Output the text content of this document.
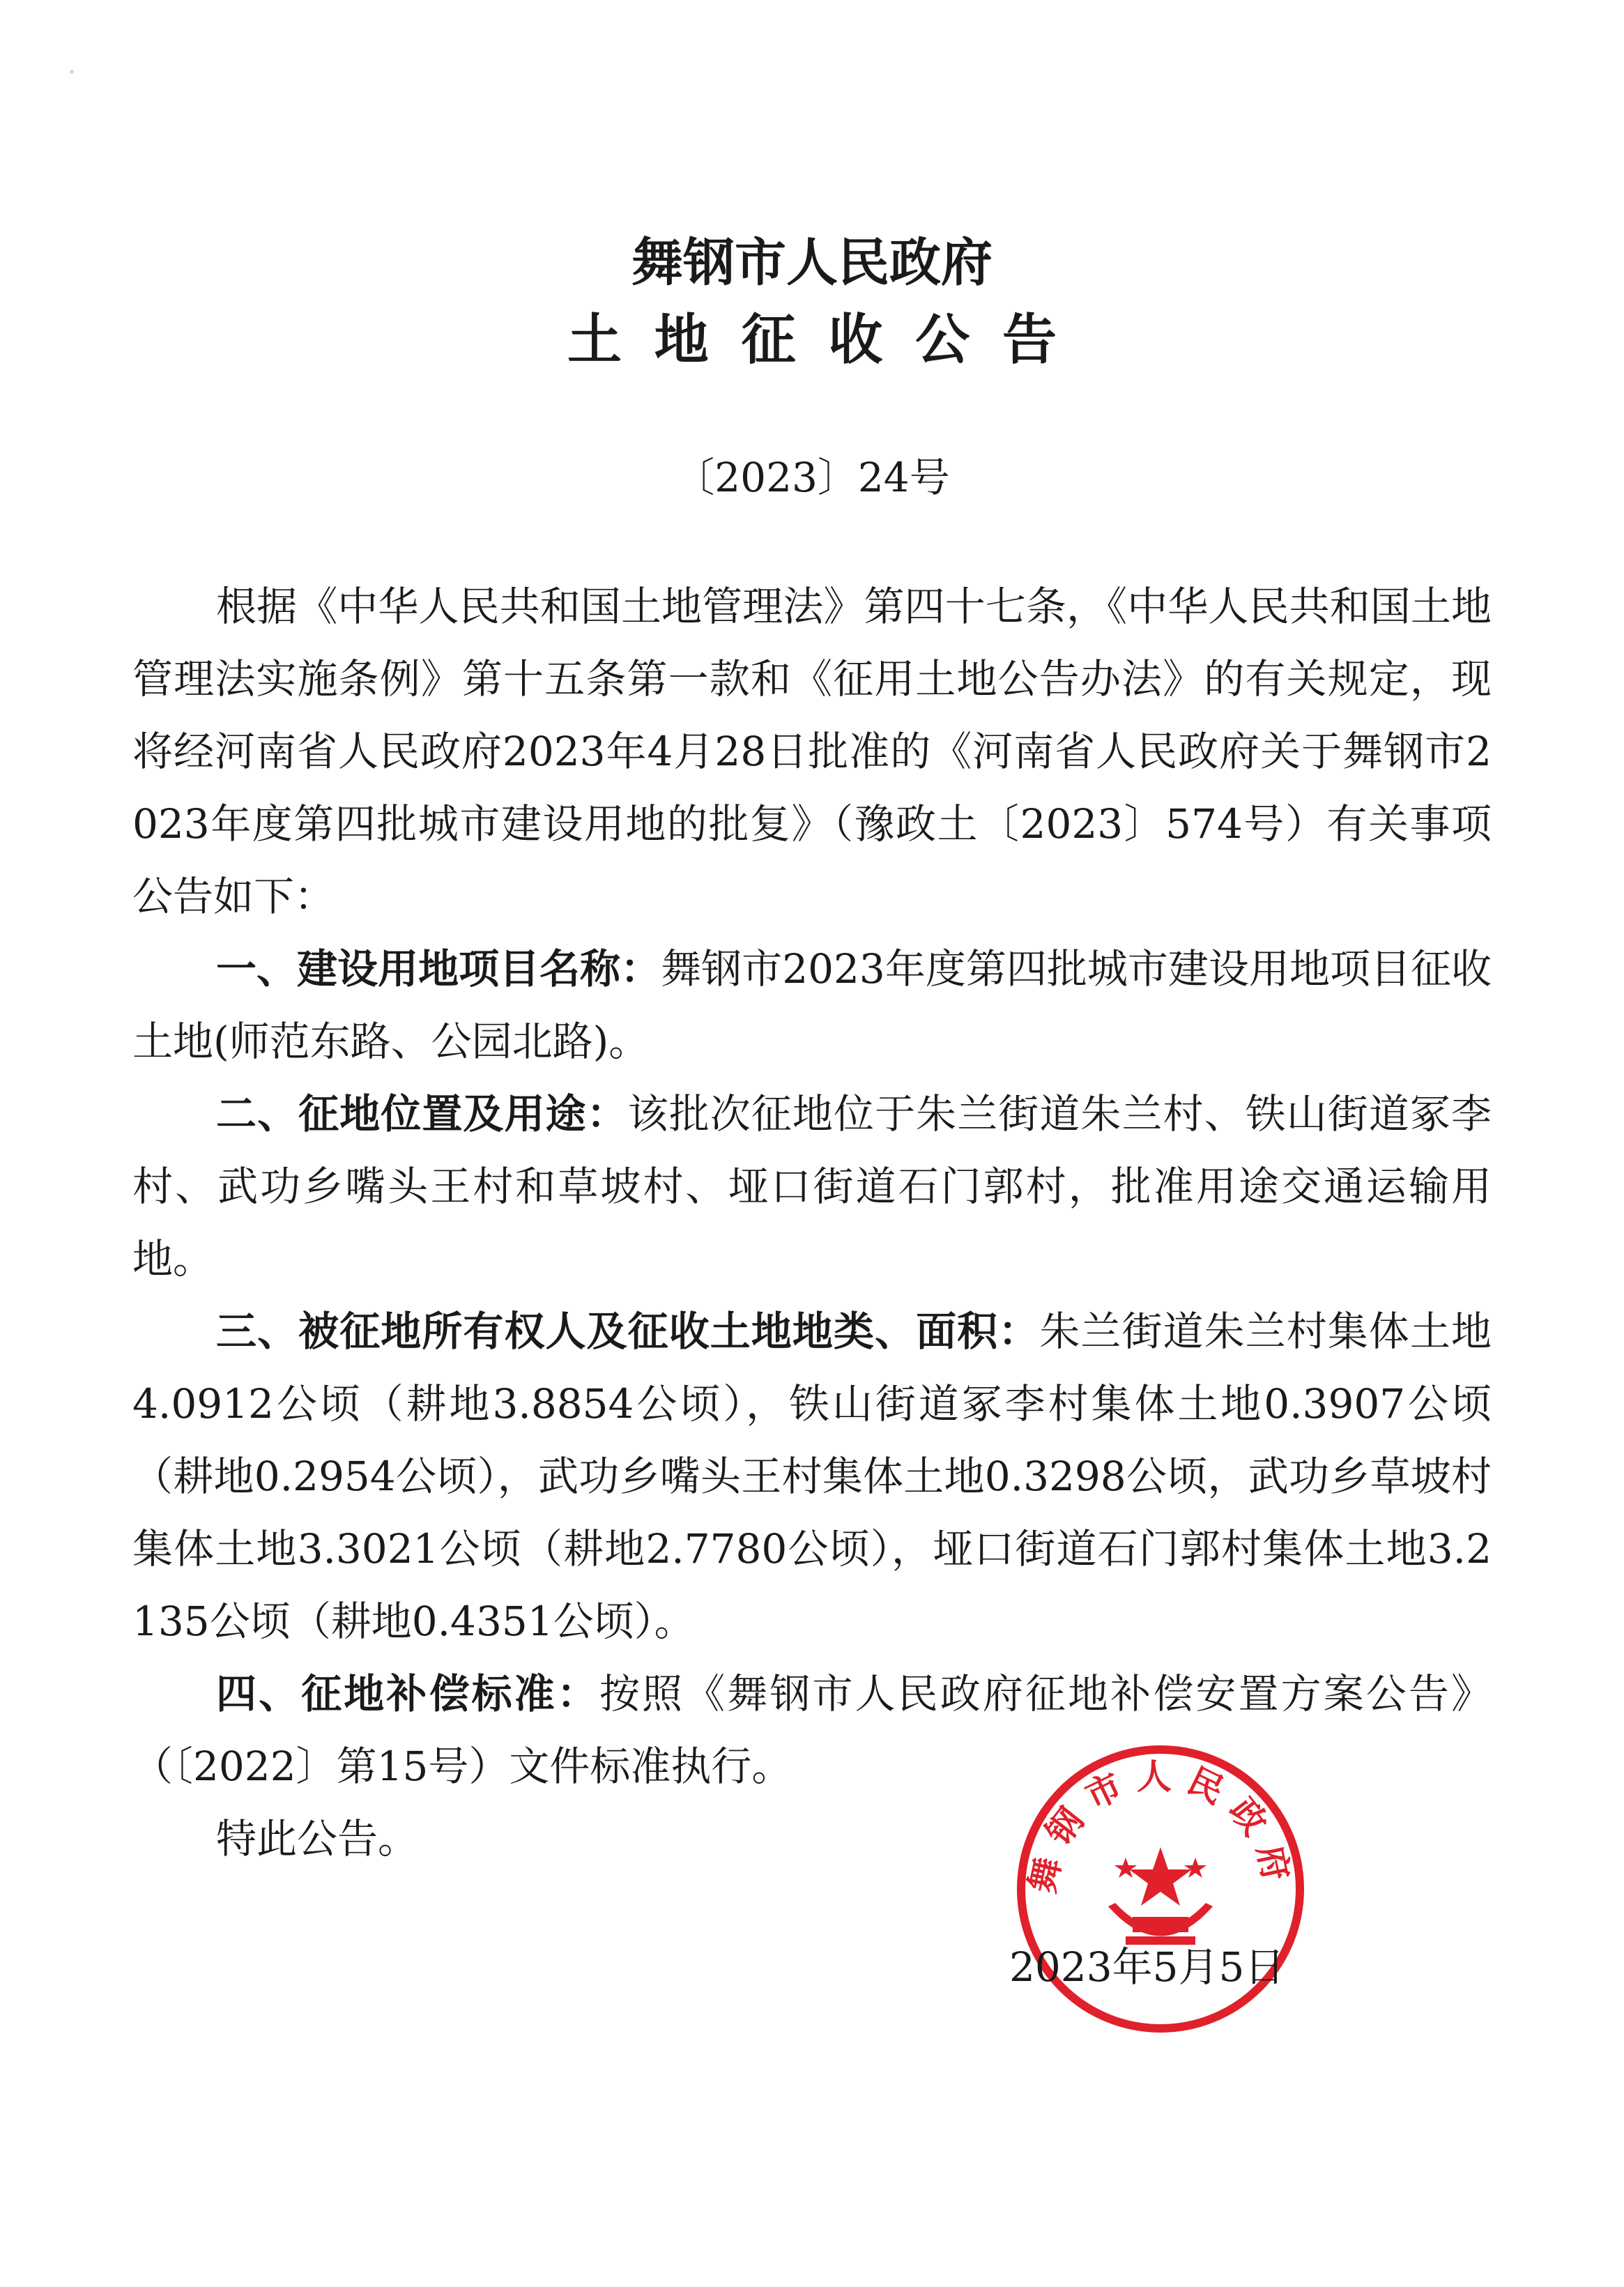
舞钢市人民政府
土地征收公告
〔2023〕24号

根据《中华人民共和国土地管理法》第四十七条，《中华人民共和国土地管理法实施条例》第十五条第一款和《征用土地公告办法》的有关规定，现将经河南省人民政府2023年4月28日批准的《河南省人民政府关于舞钢市2023年度第四批城市建设用地的批复》（豫政土〔2023〕574号）有关事项公告如下：

一、建设用地项目名称：舞钢市2023年度第四批城市建设用地项目征收土地(师范东路、公园北路)。

二、征地位置及用途：该批次征地位于朱兰街道朱兰村、铁山街道冢李村、武功乡嘴头王村和草坡村、垭口街道石门郭村，批准用途交通运输用地。

三、被征地所有权人及征收土地地类、面积：朱兰街道朱兰村集体土地4.0912公顷（耕地3.8854公顷），铁山街道冢李村集体土地0.3907公顷（耕地0.2954公顷），武功乡嘴头王村集体土地0.3298公顷，武功乡草坡村集体土地3.3021公顷（耕地2.7780公顷），垭口街道石门郭村集体土地3.2135公顷（耕地0.4351公顷）。

四、征地补偿标准：按照《舞钢市人民政府征地补偿安置方案公告》（〔2022〕第15号）文件标准执行。

特此公告。

舞钢市人民政府
2023年5月5日
